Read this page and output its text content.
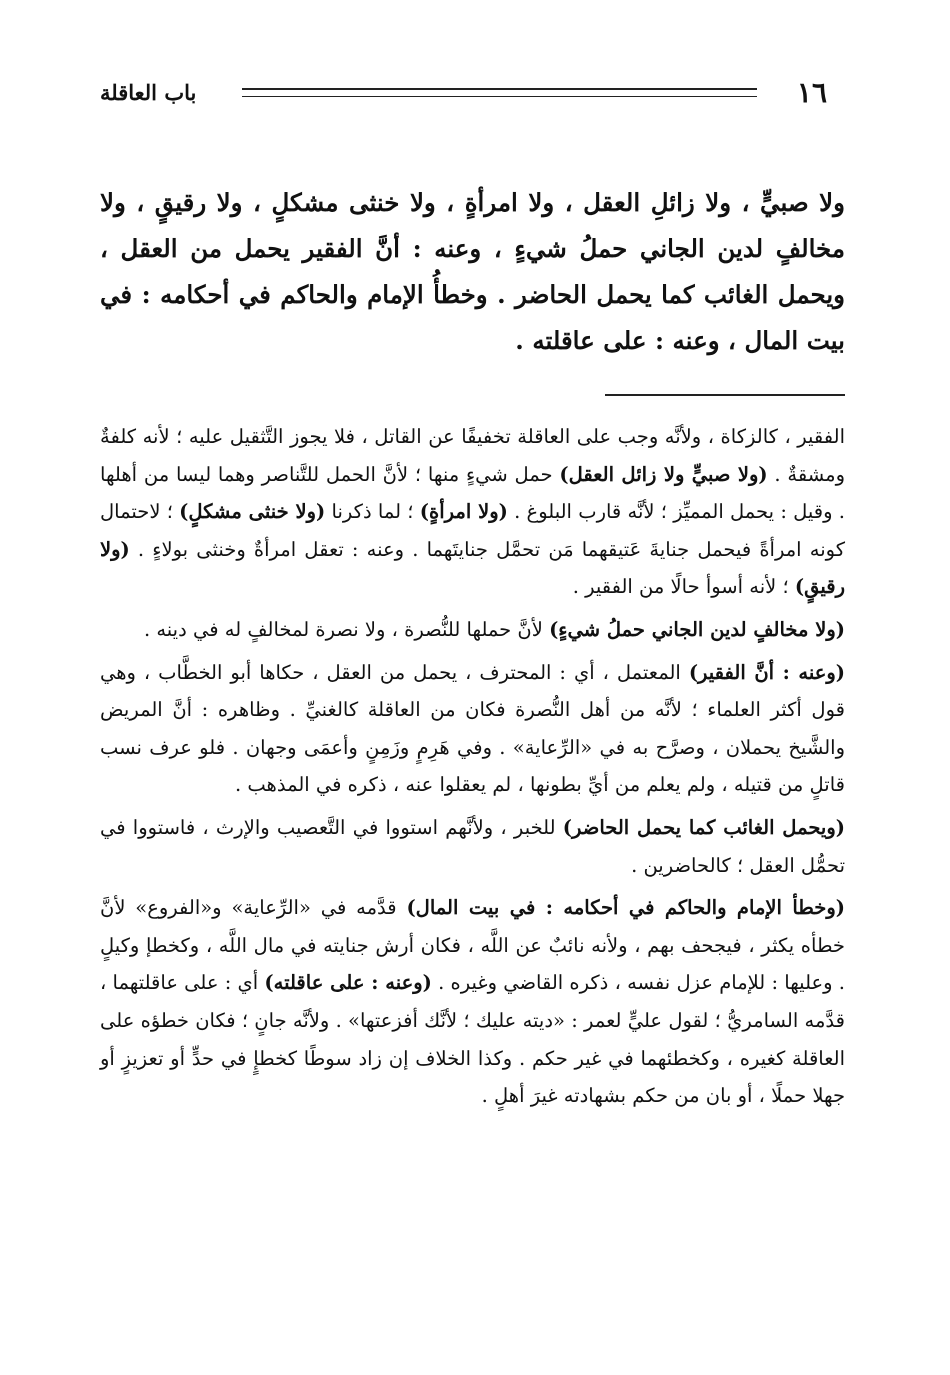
١٦
باب العاقلة

ولا صبيٍّ ، ولا زائلِ العقل ، ولا امرأةٍ ، ولا خنثى مشكلٍ ، ولا رقيقٍ ، ولا مخالفٍ لدين الجاني حملُ شيءٍ ، وعنه : أنَّ الفقير يحمل من العقل ، ويحمل الغائب كما يحمل الحاضر . وخطأُ الإمام والحاكم في أحكامه : في بيت المال ، وعنه : على عاقلته .

الفقير ، كالزكاة ، ولأنَّه وجب على العاقلة تخفيفًا عن القاتل ، فلا يجوز التَّثقيل عليه ؛ لأنه كلفةٌ ومشقةٌ . (ولا صبيٍّ ولا زائل العقل) حمل شيءٍ منها ؛ لأنَّ الحمل للتَّناصر وهما ليسا من أهلها . وقيل : يحمل المميِّز ؛ لأنَّه قارب البلوغ . (ولا امرأةٍ) ؛ لما ذكرنا (ولا خنثى مشكلٍ) ؛ لاحتمال كونه امرأةً فيحمل جنايةَ عَتيقهما مَن تحمَّل جنايتَهما . وعنه : تعقل امرأةٌ وخنثى بولاءٍ . (ولا رقيقٍ) ؛ لأنه أسوأ حالًا من الفقير .

(ولا مخالفٍ لدين الجاني حملُ شيءٍ) لأنَّ حملها للنُّصرة ، ولا نصرة لمخالفٍ له في دينه .

(وعنه : أنَّ الفقير) المعتمل ، أي : المحترف ، يحمل من العقل ، حكاها أبو الخطَّاب ، وهي قول أكثر العلماء ؛ لأنَّه من أهل النُّصرة فكان من العاقلة كالغنيِّ . وظاهره : أنَّ المريض والشَّيخ يحملان ، وصرَّح به في «الرِّعاية» . وفي هَرِمٍ وزَمِنٍ وأعمَى وجهان . فلو عرف نسب قاتلٍ من قتيله ، ولم يعلم من أيِّ بطونها ، لم يعقلوا عنه ، ذكره في المذهب .

(ويحمل الغائب كما يحمل الحاضر) للخبر ، ولأنَّهم استووا في التَّعصيب والإرث ، فاستووا في تحمُّل العقل ؛ كالحاضرين .

(وخطأ الإمام والحاكم في أحكامه : في بيت المال) قدَّمه في «الرِّعاية» و«الفروع» لأنَّ خطأه يكثر ، فيجحف بهم ، ولأنه نائبٌ عن اللَّه ، فكان أرش جنايته في مال اللَّه ، وكخطإ وكيلٍ . وعليها : للإمام عزل نفسه ، ذكره القاضي وغيره . (وعنه : على عاقلته) أي : على عاقلتهما ، قدَّمه السامريُّ ؛ لقول عليٍّ لعمر : «ديته عليك ؛ لأنَّك أفزعتها» . ولأنَّه جانٍ ؛ فكان خطؤه على العاقلة كغيره ، وكخطئهما في غير حكم . وكذا الخلاف إن زاد سوطًا كخطإٍ في حدٍّ أو تعزيزٍ أو جهلا حملًا ، أو بان من حكم بشهادته غيرَ أهلٍ .
